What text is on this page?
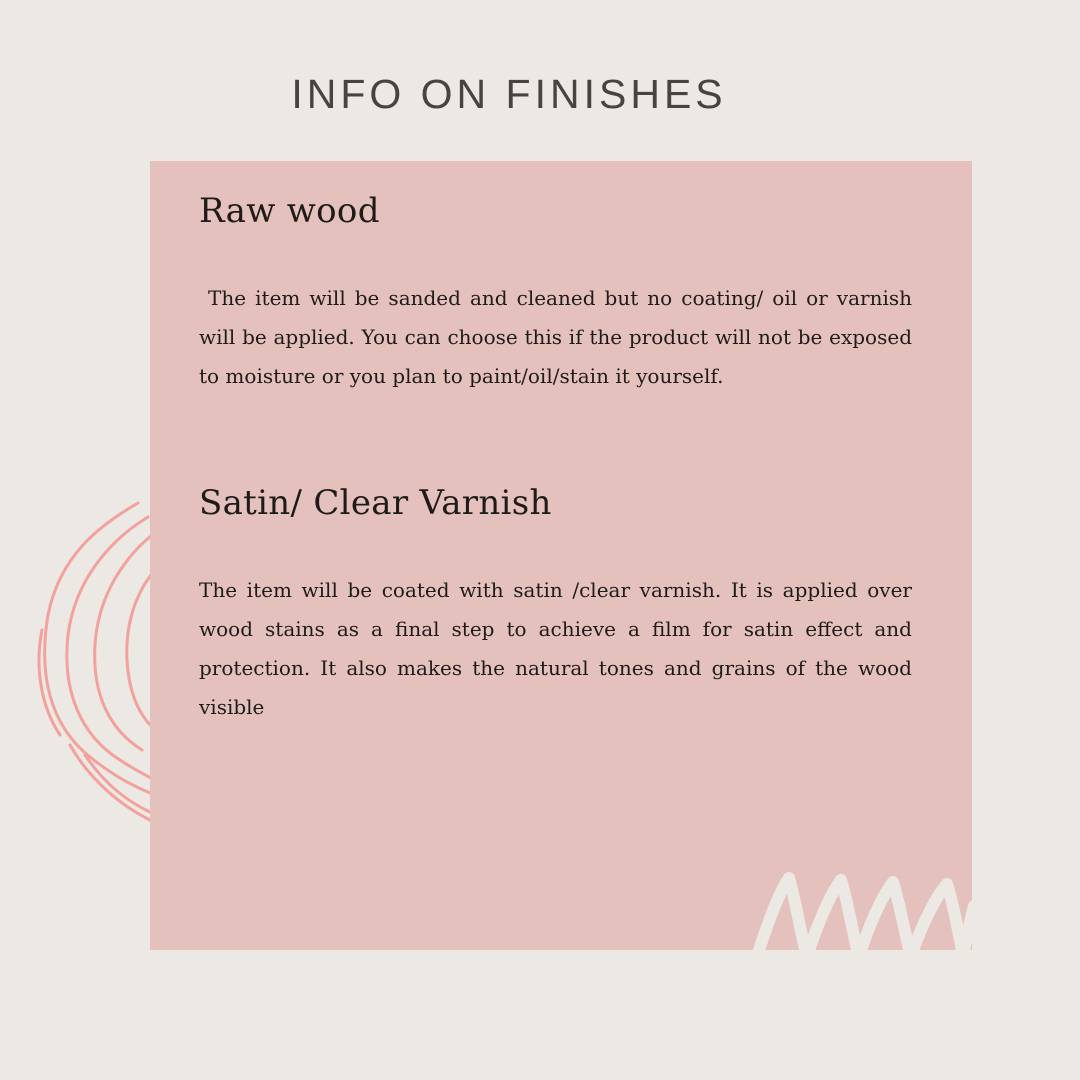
INFO ON FINISHES
Raw wood

The item will be sanded and cleaned but no coating/ oil or varnish will be applied. You can choose this if the product will not be exposed to moisture or you plan to paint/oil/stain it yourself.

Satin/ Clear Varnish

The item will be coated with satin /clear varnish. It is applied over wood stains as a final step to achieve a film for satin effect and protection. It also makes the natural tones and grains of the wood visible
